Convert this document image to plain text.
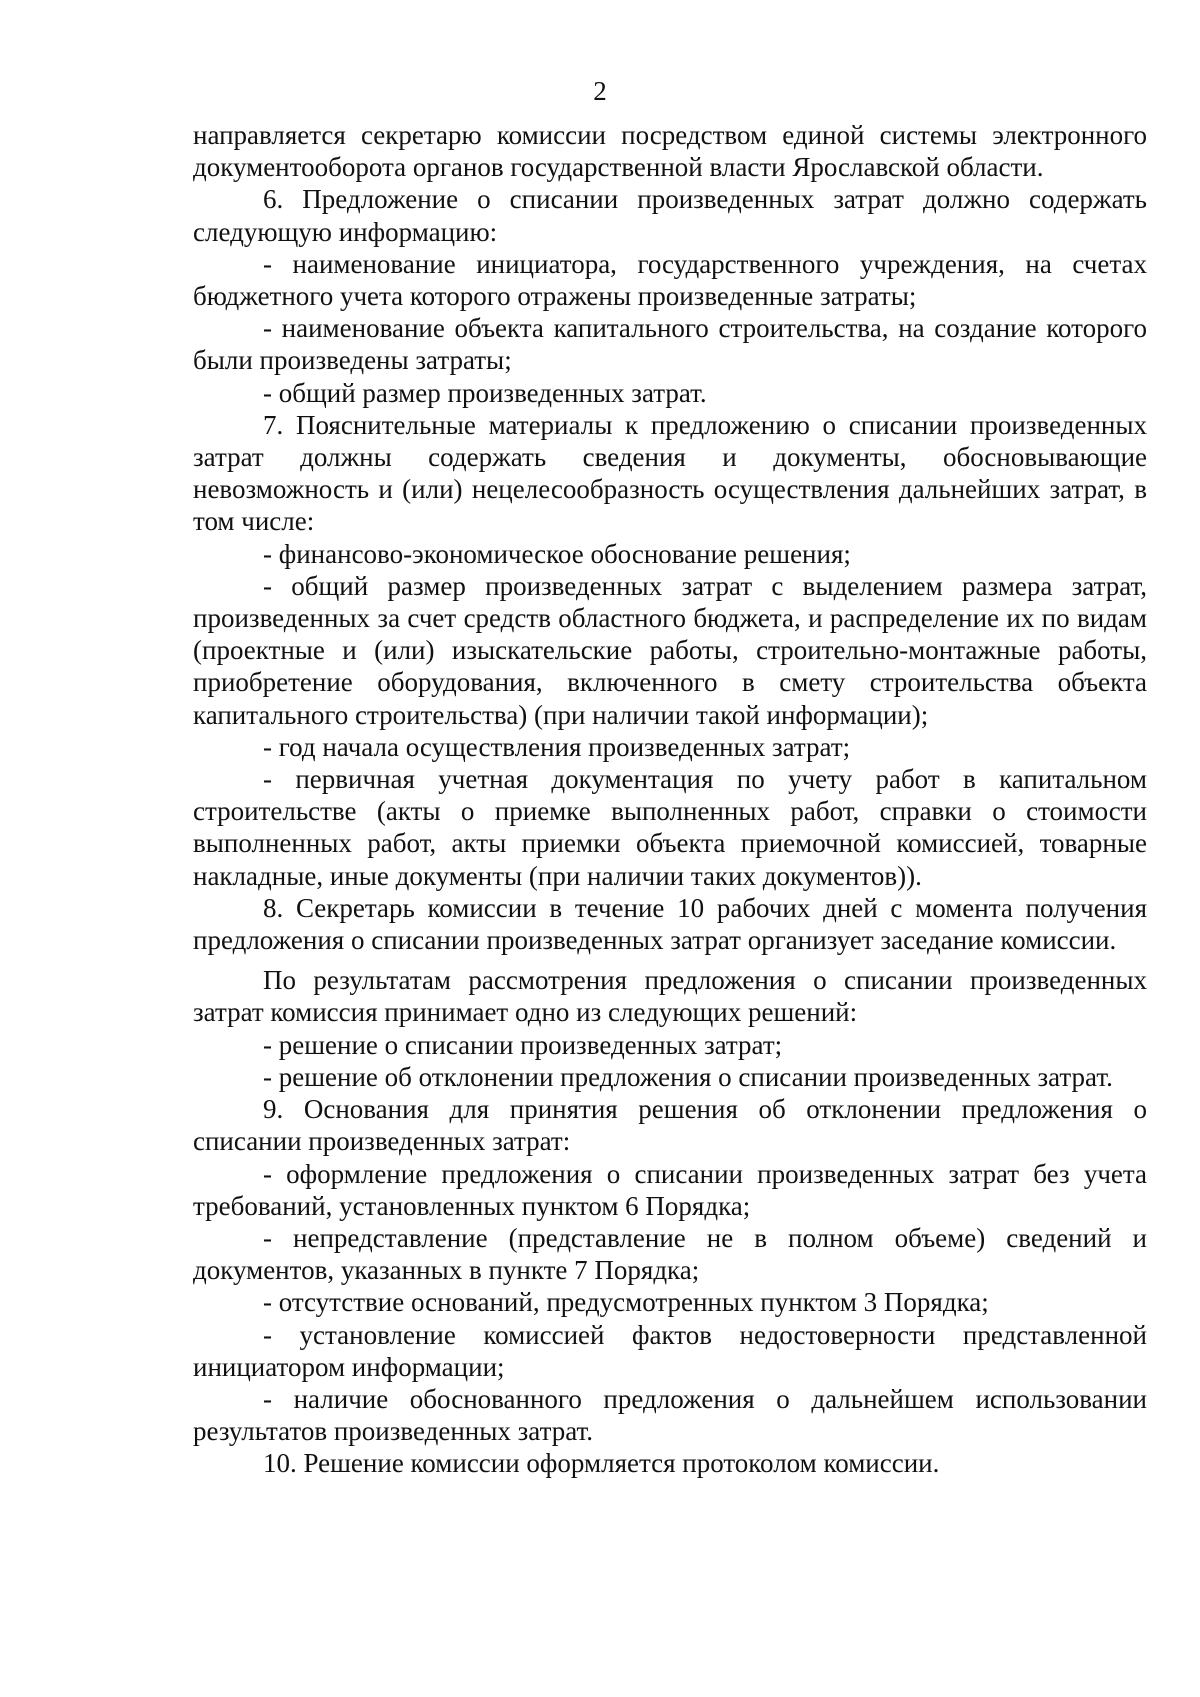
2

направляется секретарю комиссии посредством единой системы электронного документооборота органов государственной власти Ярославской области.

6. Предложение о списании произведенных затрат должно содержать следующую информацию:

- наименование инициатора, государственного учреждения, на счетах бюджетного учета которого отражены произведенные затраты;

- наименование объекта капитального строительства, на создание которого были произведены затраты;

- общий размер произведенных затрат.

7. Пояснительные материалы к предложению о списании произведенных затрат должны содержать сведения и документы, обосновывающие невозможность и (или) нецелесообразность осуществления дальнейших затрат, в том числе:

- финансово-экономическое обоснование решения;

- общий размер произведенных затрат с выделением размера затрат, произведенных за счет средств областного бюджета, и распределение их по видам (проектные и (или) изыскательские работы, строительно-монтажные работы, приобретение оборудования, включенного в смету строительства объекта капитального строительства) (при наличии такой информации);

- год начала осуществления произведенных затрат;

- первичная учетная документация по учету работ в капитальном строительстве (акты о приемке выполненных работ, справки о стоимости выполненных работ, акты приемки объекта приемочной комиссией, товарные накладные, иные документы (при наличии таких документов)).

8. Секретарь комиссии в течение 10 рабочих дней с момента получения предложения о списании произведенных затрат организует заседание комиссии.

По результатам рассмотрения предложения о списании произведенных затрат комиссия принимает одно из следующих решений:

- решение о списании произведенных затрат;

- решение об отклонении предложения о списании произведенных затрат.

9. Основания для принятия решения об отклонении предложения о списании произведенных затрат:

- оформление предложения о списании произведенных затрат без учета требований, установленных пунктом 6 Порядка;

- непредставление (представление не в полном объеме) сведений и документов, указанных в пункте 7 Порядка;

- отсутствие оснований, предусмотренных пунктом 3 Порядка;

- установление комиссией фактов недостоверности представленной инициатором информации;

- наличие обоснованного предложения о дальнейшем использовании результатов произведенных затрат.

10. Решение комиссии оформляется протоколом комиссии.
